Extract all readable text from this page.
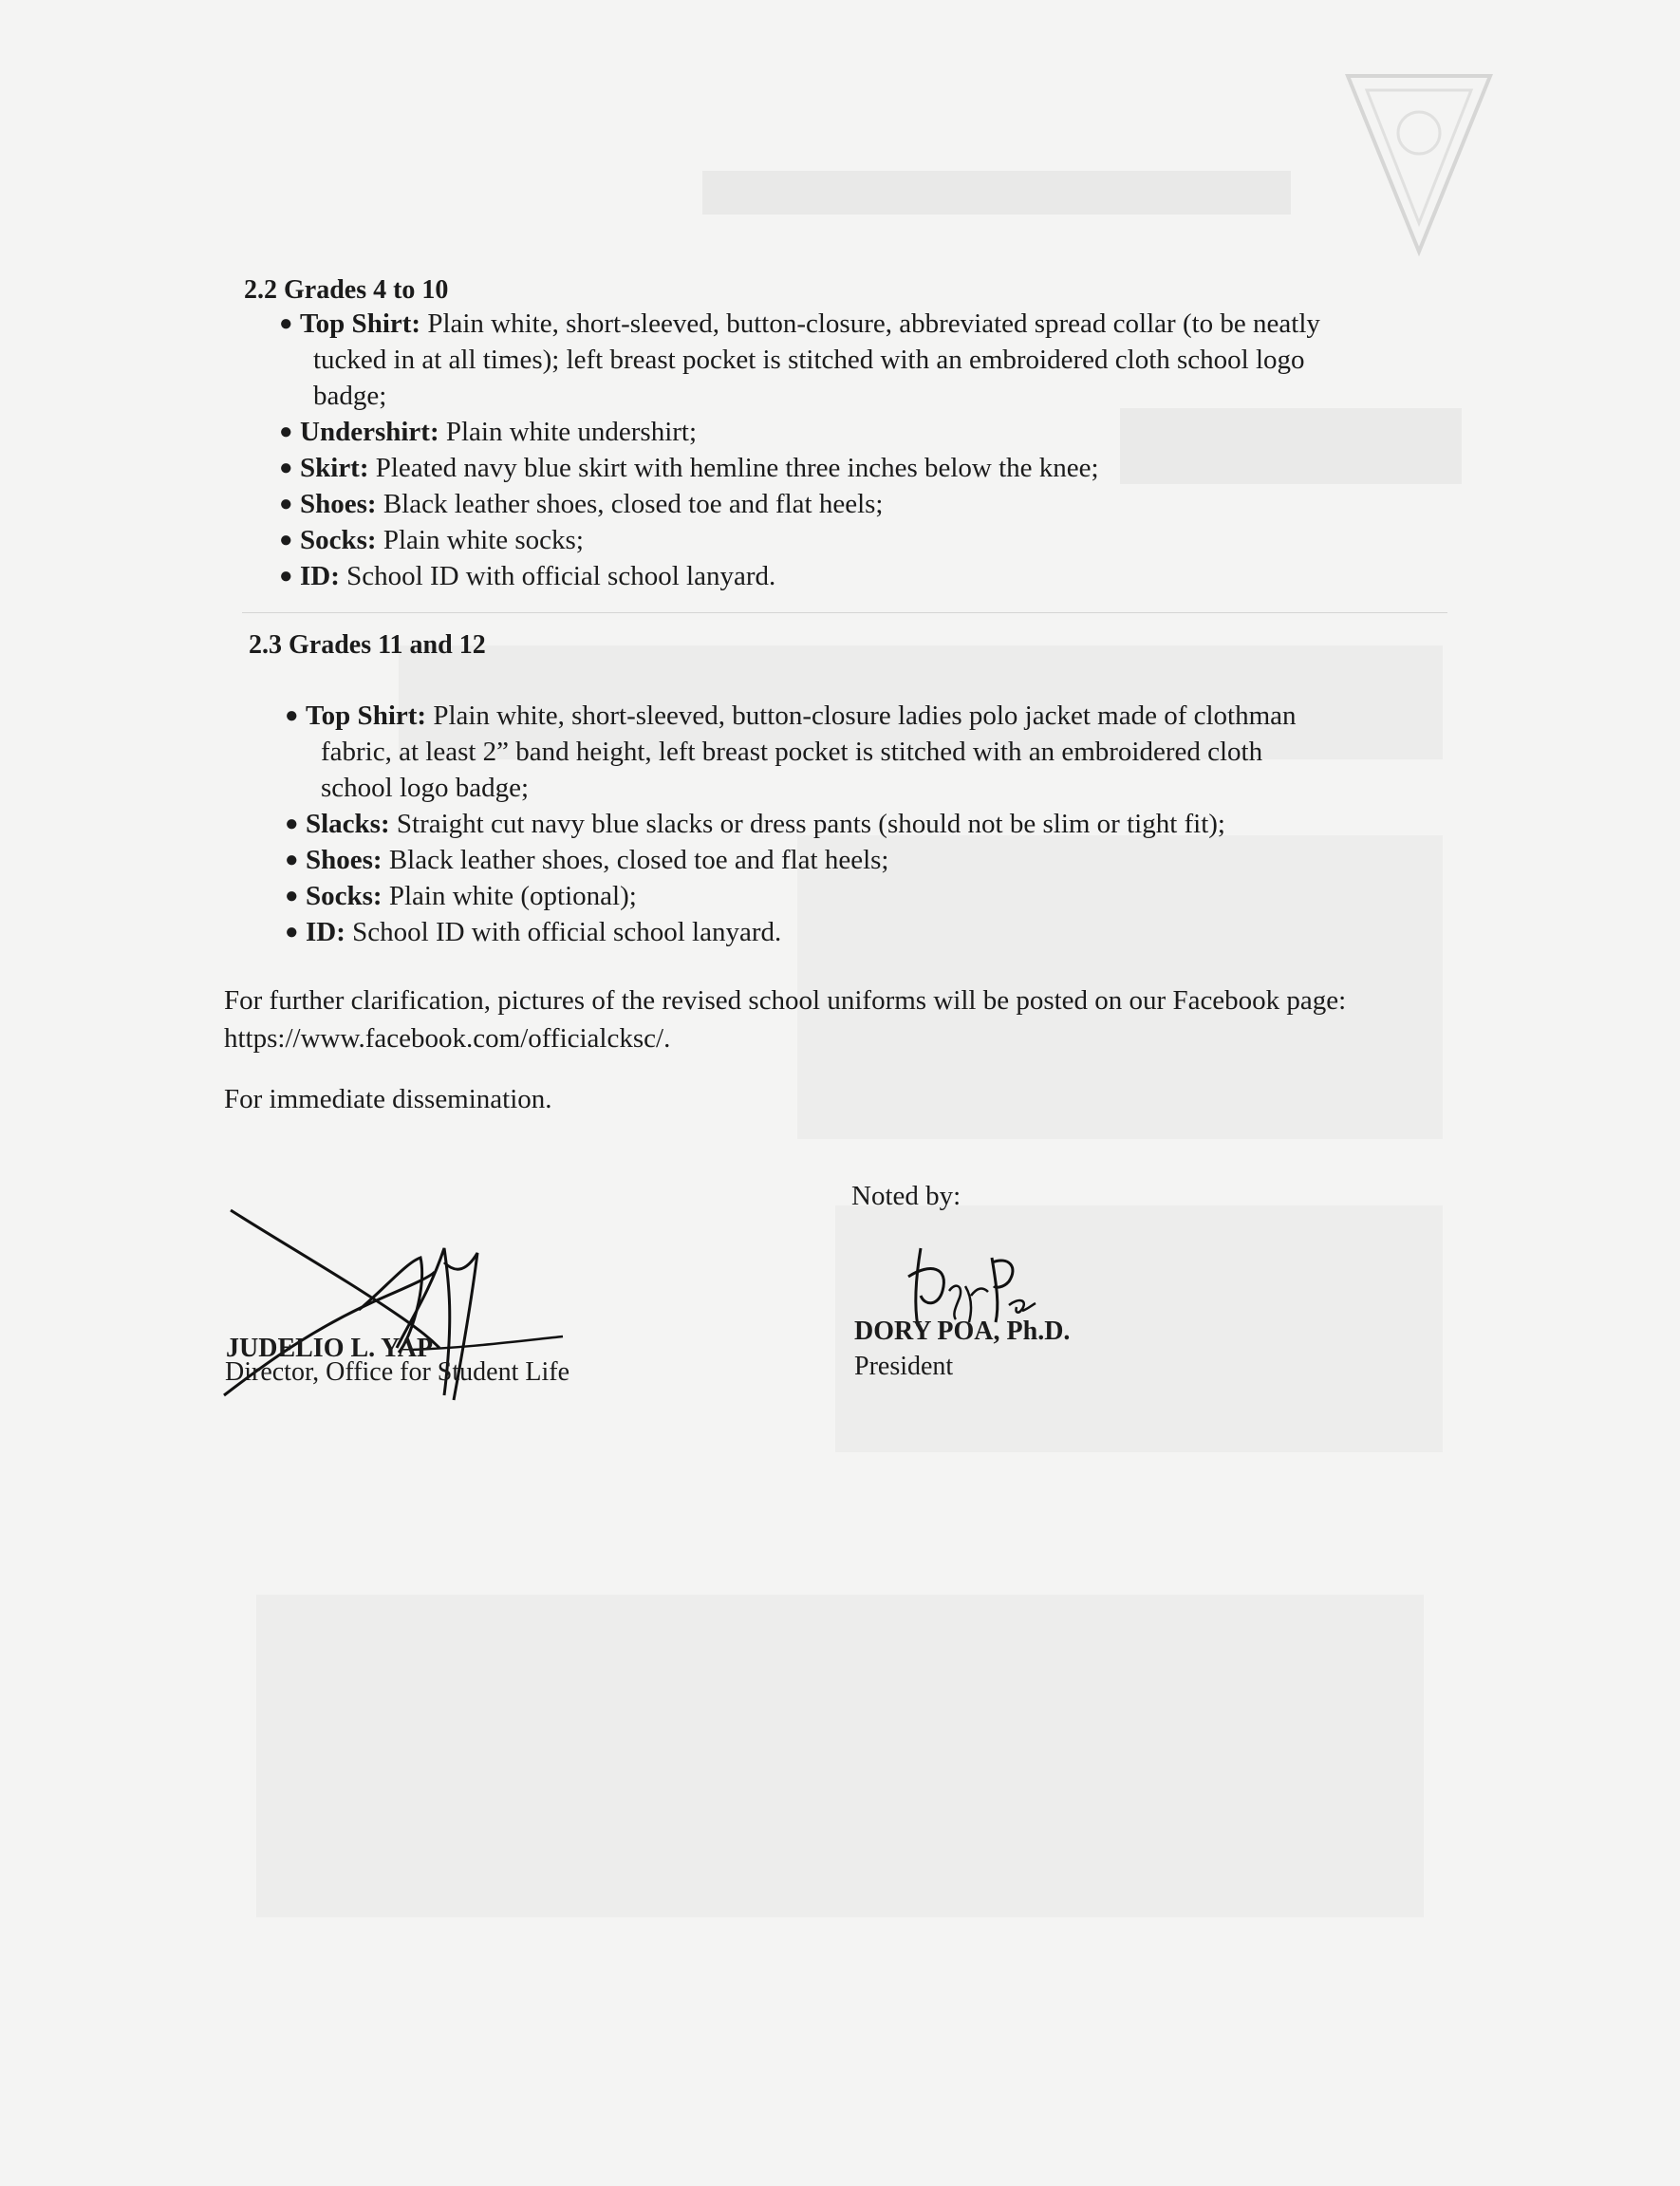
2.2 Grades 4 to 10
● Top Shirt: Plain white, short-sleeved, button-closure, abbreviated spread collar (to be neatly
tucked in at all times); left breast pocket is stitched with an embroidered cloth school logo
badge;
● Undershirt: Plain white undershirt;
● Skirt: Pleated navy blue skirt with hemline three inches below the knee;
● Shoes: Black leather shoes, closed toe and flat heels;
● Socks: Plain white socks;
● ID: School ID with official school lanyard.
2.3 Grades 11 and 12
● Top Shirt: Plain white, short-sleeved, button-closure ladies polo jacket made of clothman
fabric, at least 2” band height, left breast pocket is stitched with an embroidered cloth
school logo badge;
● Slacks: Straight cut navy blue slacks or dress pants (should not be slim or tight fit);
● Shoes: Black leather shoes, closed toe and flat heels;
● Socks: Plain white (optional);
● ID: School ID with official school lanyard.

For further clarification, pictures of the revised school uniforms will be posted on our Facebook page:
https://www.facebook.com/officialcksc/.

For immediate dissemination.

Noted by:
JUDELIO L. YAP
Director, Office for Student Life
DORY POA, Ph.D.
President
